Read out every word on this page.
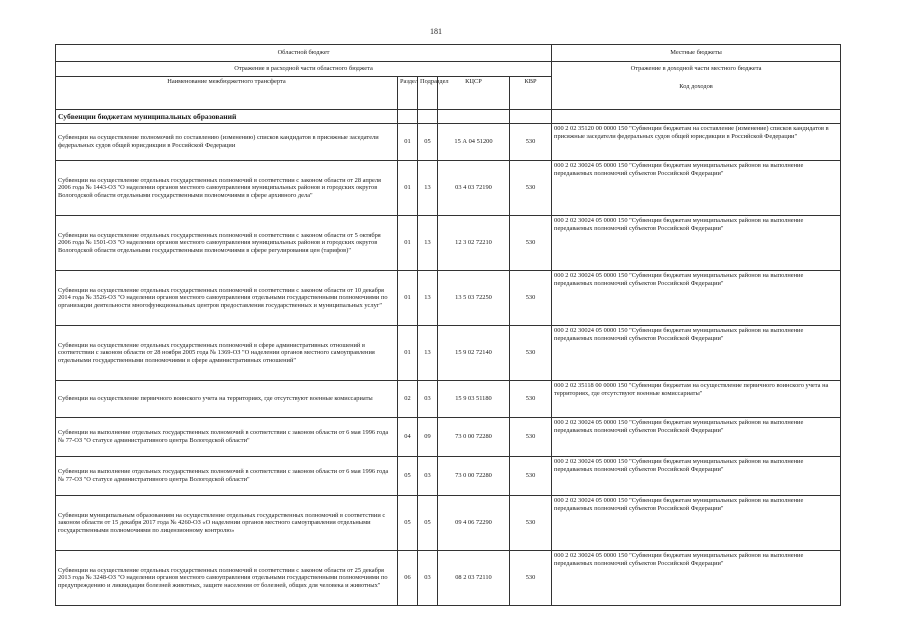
181
Областной бюджет					Местные бюджеты
Отражение в расходной части областного бюджета					Отражение в доходной части местного бюджета
Код доходов

Наименование межбюджетного трансферта	Раздел	Подраздел	КЦСР	КВР	
Субвенции бюджетам муниципальных образований					
Субвенции на осуществление полномочий по составлению (изменению) списков кандидатов в присяжные заседатели федеральных судов общей юрисдикции в Российской Федерации	01	05	15 А 04 51200	530	000 2 02 35120 00 0000 150 "Субвенции бюджетам на составление (изменение) списков кандидатов в присяжные заседатели федеральных судов общей юрисдикции в Российской Федерации"
Субвенции на осуществление отдельных государственных полномочий в соответствии с законом области от 28 апреля 2006 года № 1443-ОЗ "О наделении органов местного самоуправления муниципальных районов и городских округов Вологодской области отдельными государственными полномочиями в сфере архивного дела"	01	13	03 4 03 72190	530	000 2 02 30024 05 0000 150 "Субвенции бюджетам муниципальных районов на выполнение передаваемых полномочий субъектов Российской Федерации"
Субвенции на осуществление отдельных государственных полномочий в соответствии с законом области от 5 октября 2006 года № 1501-ОЗ "О наделении органов местного самоуправления муниципальных районов и городских округов Вологодской области отдельными государственными полномочиями в сфере регулирования цен (тарифов)"	01	13	12 3 02 72210	530	000 2 02 30024 05 0000 150 "Субвенции бюджетам муниципальных районов на выполнение передаваемых полномочий субъектов Российской Федерации"
Субвенции на осуществление отдельных государственных полномочий в соответствии с законом области от 10 декабря 2014 года № 3526-ОЗ "О наделении органов местного самоуправления отдельными государственными полномочиями по организации деятельности многофункциональных центров предоставления государственных и муниципальных услуг"	01	13	13 5 03 72250	530	000 2 02 30024 05 0000 150 "Субвенции бюджетам муниципальных районов на выполнение передаваемых полномочий субъектов Российской Федерации"
Субвенции на осуществление отдельных государственных полномочий в сфере административных отношений в соответствии с законом области от 28 ноября 2005 года № 1369-ОЗ "О наделении органов местного самоуправления отдельными государственными полномочиями в сфере административных отношений"	01	13	15 9 02 72140	530	000 2 02 30024 05 0000 150 "Субвенции бюджетам муниципальных районов на выполнение передаваемых полномочий субъектов Российской Федерации"
Субвенции на осуществление первичного воинского учета на территориях, где отсутствуют военные комиссариаты	02	03	15 9 03 51180	530	000 2 02 35118 00 0000 150 "Субвенции бюджетам на осуществление первичного воинского учета на территориях, где отсутствуют военные комиссариаты"
Субвенции на выполнение отдельных государственных полномочий в соответствии с законом области от 6 мая 1996 года № 77-ОЗ "О статусе административного центра Вологодской области"	04	09	73 0 00 72280	530	000 2 02 30024 05 0000 150 "Субвенции бюджетам муниципальных районов на выполнение передаваемых полномочий субъектов Российской Федерации"
Субвенции на выполнение отдельных государственных полномочий в соответствии с законом области от 6 мая 1996 года № 77-ОЗ "О статусе административного центра Вологодской области"	05	03	73 0 00 72280	530	000 2 02 30024 05 0000 150 "Субвенции бюджетам муниципальных районов на выполнение передаваемых полномочий субъектов Российской Федерации"
Субвенции муниципальным образованиям на осуществление отдельных государственных полномочий в соответствии с законом области от 15 декабря 2017 года № 4260-ОЗ «О наделении органов местного самоуправления отдельными государственными полномочиями по лицензионному контролю»	05	05	09 4 06 72290	530	000 2 02 30024 05 0000 150 "Субвенции бюджетам муниципальных районов на выполнение передаваемых полномочий субъектов Российской Федерации"
Субвенции на осуществление отдельных государственных полномочий в соответствии с законом области от 25 декабря 2013 года № 3248-ОЗ "О наделении органов местного самоуправления отдельными государственными полномочиями по предупреждению и ликвидации болезней животных, защите населения от болезней, общих для человека и животных"	06	03	08 2 03 72110	530	000 2 02 30024 05 0000 150 "Субвенции бюджетам муниципальных районов на выполнение передаваемых полномочий субъектов Российской Федерации"
